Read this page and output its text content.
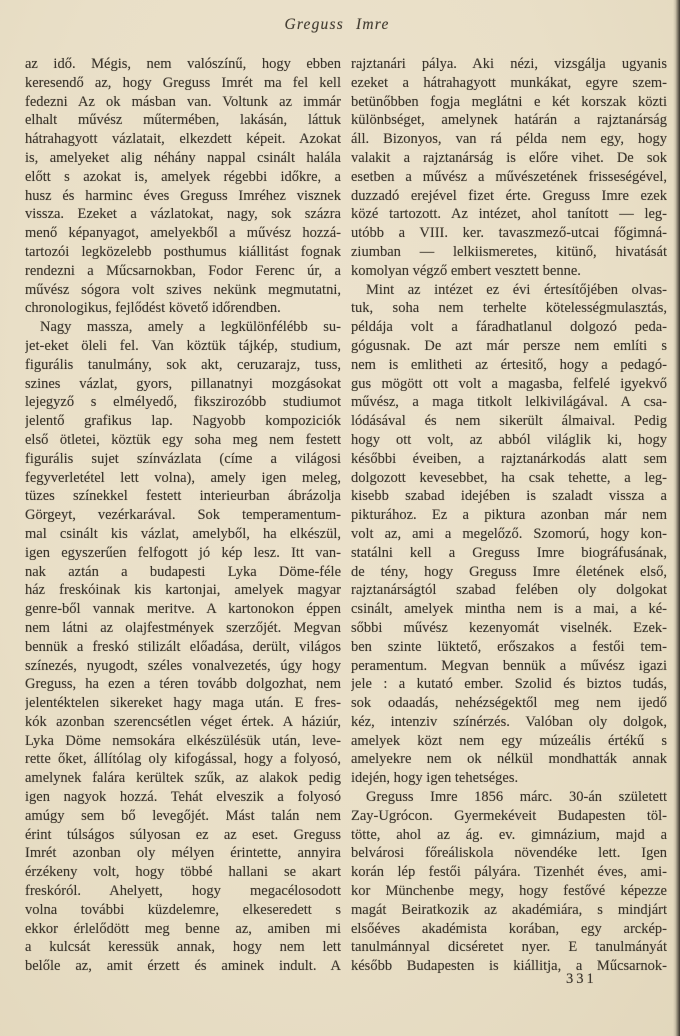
Greguss Imre
az idő. Mégis, nem valószínű, hogy ebben
keresendő az, hogy Greguss Imrét ma fel kell
fedezni Az ok másban van. Voltunk az immár
elhalt művész műtermében, lakásán, láttuk
hátrahagyott vázlatait, elkezdett képeit. Azokat
is, amelyeket alig néhány nappal csinált halála
előtt s azokat is, amelyek régebbi időkre, a
husz és harminc éves Greguss Imréhez visznek
vissza. Ezeket a vázlatokat, nagy, sok százra
menő képanyagot, amelyekből a művész hozzá-
tartozói legközelebb posthumus kiállitást fognak
rendezni a Műcsarnokban, Fodor Ferenc úr, a
művész sógora volt szives nekünk megmutatni,
chronologikus, fejlődést követő időrendben.
Nagy massza, amely a legkülönfélébb su-
jet-eket öleli fel. Van köztük tájkép, studium,
figurális tanulmány, sok akt, ceruzarajz, tuss,
szines vázlat, gyors, pillanatnyi mozgásokat
lejegyző s elmélyedő, fikszirozóbb studiumot
jelentő grafikus lap. Nagyobb kompoziciók
első ötletei, köztük egy soha meg nem festett
figurális sujet színvázlata (címe a világosi
fegyverletétel lett volna), amely igen meleg,
tüzes színekkel festett interieurban ábrázolja
Görgeyt, vezérkarával. Sok temperamentum-
mal csinált kis vázlat, amelyből, ha elkészül,
igen egyszerűen felfogott jó kép lesz. Itt van-
nak aztán a budapesti Lyka Döme-féle
ház freskóinak kis kartonjai, amelyek magyar
genre-ből vannak meritve. A kartonokon éppen
nem látni az olajfestmények szerzőjét. Megvan
bennük a freskó stilizált előadása, derült, világos
színezés, nyugodt, széles vonalvezetés, úgy hogy
Greguss, ha ezen a téren tovább dolgozhat, nem
jelentéktelen sikereket hagy maga után. E fres-
kók azonban szerencsétlen véget értek. A háziúr,
Lyka Döme nemsokára elkészülésük után, leve-
rette őket, állítólag oly kifogással, hogy a folyosó,
amelynek falára kerültek szűk, az alakok pedig
igen nagyok hozzá. Tehát elveszik a folyosó
amúgy sem bő levegőjét. Mást talán nem
érint túlságos súlyosan ez az eset. Greguss
Imrét azonban oly mélyen érintette, annyira
érzékeny volt, hogy többé hallani se akart
freskóról. Ahelyett, hogy megacélosodott
volna további küzdelemre, elkeseredett s
ekkor érlelődött meg benne az, amiben mi
a kulcsát keressük annak, hogy nem lett
belőle az, amit érzett és aminek indult. A
rajztanári pálya. Aki nézi, vizsgálja ugyanis
ezeket a hátrahagyott munkákat, egyre szem-
betünőbben fogja meglátni e két korszak közti
különbséget, amelynek határán a rajztanárság
áll. Bizonyos, van rá példa nem egy, hogy
valakit a rajztanárság is előre vihet. De sok
esetben a művész a művészetének frisseségével,
duzzadó erejével fizet érte. Greguss Imre ezek
közé tartozott. Az intézet, ahol tanított — leg-
utóbb a VIII. ker. tavaszmező-utcai főgimná-
ziumban — lelkiismeretes, kitünő, hivatását
komolyan végző embert vesztett benne.
Mint az intézet ez évi értesítőjében olvas-
tuk, soha nem terhelte kötelességmulasztás,
példája volt a fáradhatlanul dolgozó peda-
gógusnak. De azt már persze nem említi s
nem is emlitheti az értesitő, hogy a pedagó-
gus mögött ott volt a magasba, felfelé igyekvő
művész, a maga titkolt lelkivilágával. A csa-
lódásával és nem sikerült álmaival. Pedig
hogy ott volt, az abból világlik ki, hogy
későbbi éveiben, a rajztanárkodás alatt sem
dolgozott kevesebbet, ha csak tehette, a leg-
kisebb szabad idejében is szaladt vissza a
pikturához. Ez a piktura azonban már nem
volt az, ami a megelőző. Szomorú, hogy kon-
statálni kell a Greguss Imre biográfusának,
de tény, hogy Greguss Imre életének első,
rajztanárságtól szabad felében oly dolgokat
csinált, amelyek mintha nem is a mai, a ké-
sőbbi művész kezenyomát viselnék. Ezek-
ben szinte lüktető, erőszakos a festői tem-
peramentum. Megvan bennük a művész igazi
jele : a kutató ember. Szolid és biztos tudás,
sok odaadás, nehézségektől meg nem ijedő
kéz, intenziv színérzés. Valóban oly dolgok,
amelyek közt nem egy múzeális értékű s
amelyekre nem ok nélkül mondhatták annak
idején, hogy igen tehetséges.
Greguss Imre 1856 márc. 30-án született
Zay-Ugrócon. Gyermekéveit Budapesten töl-
tötte, ahol az ág. ev. gimnázium, majd a
belvárosi főreáliskola növendéke lett. Igen
korán lép festői pályára. Tizenhét éves, ami-
kor Münchenbe megy, hogy festővé képezze
magát Beiratkozik az akadémiára, s mindjárt
elsőéves akadémista korában, egy arckép-
tanulmánnyal dicséretet nyer. E tanulmányát
később Budapesten is kiállitja, a Műcsarnok-
331
